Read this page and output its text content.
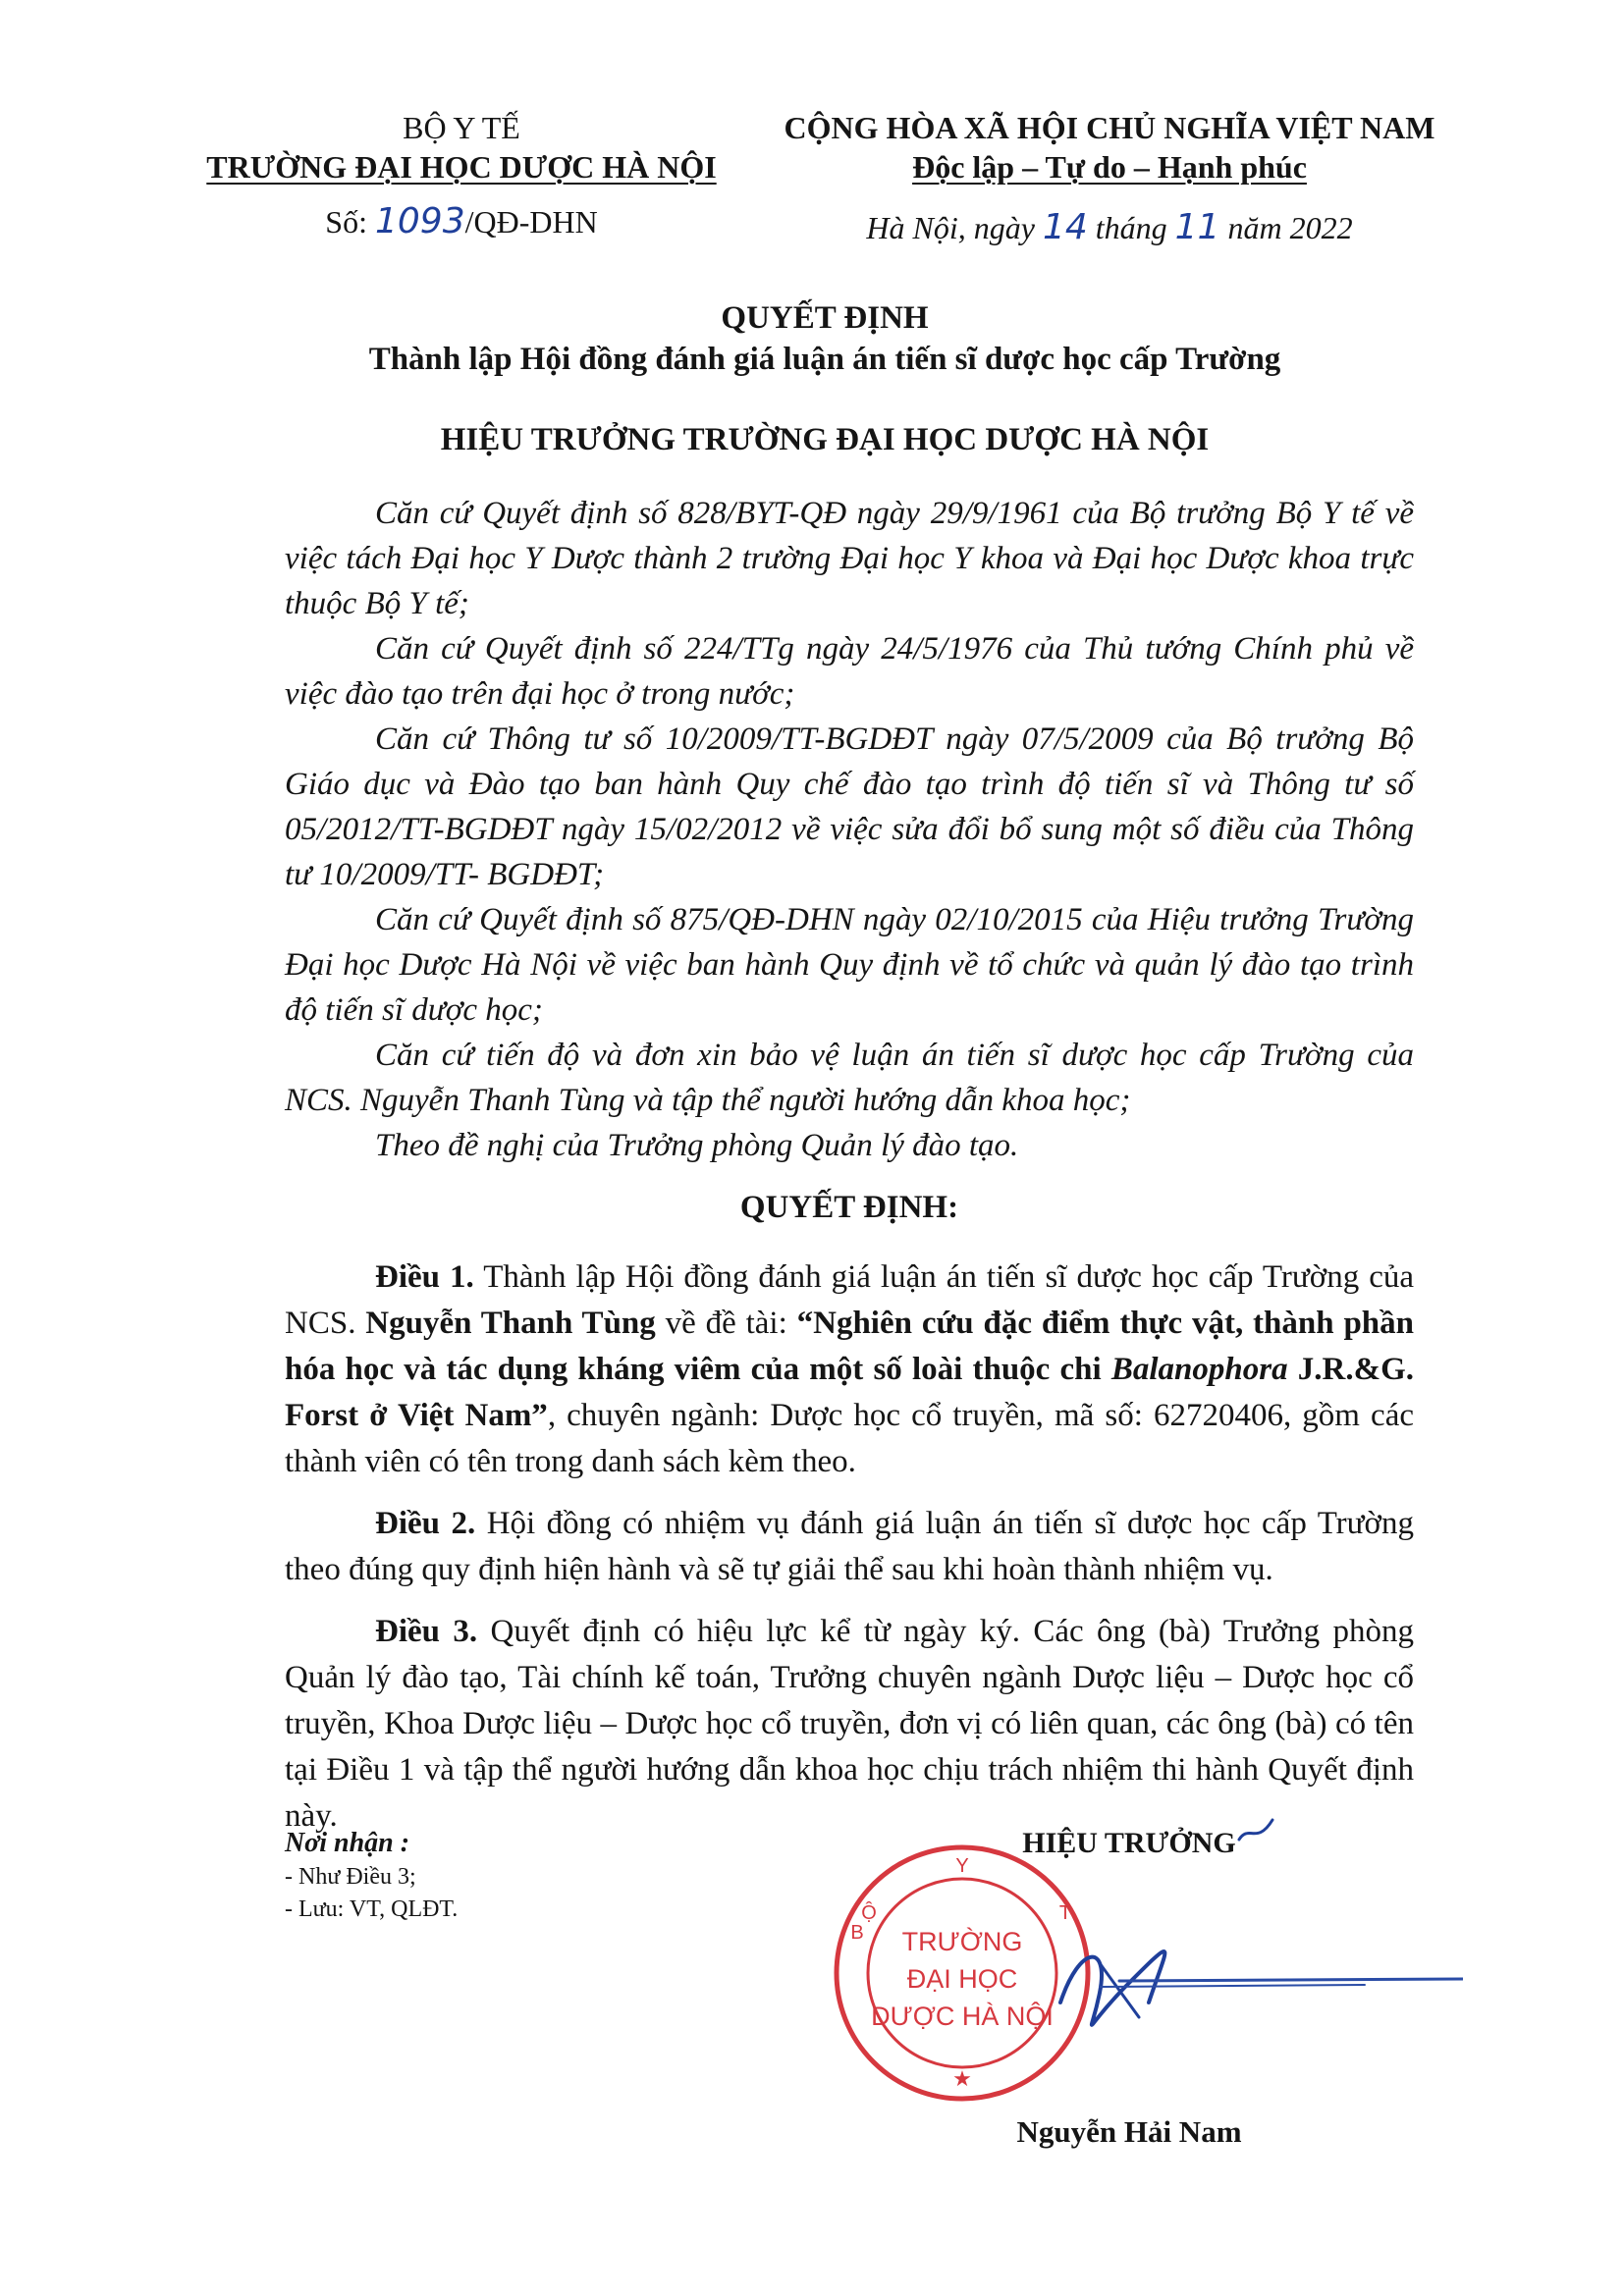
BỘ Y TẾ
TRƯỜNG ĐẠI HỌC DƯỢC HÀ NỘI
Số: 1093/QĐ-DHN
CỘNG HÒA XÃ HỘI CHỦ NGHĨA VIỆT NAM
Độc lập – Tự do – Hạnh phúc
Hà Nội, ngày 14 tháng 11 năm 2022
QUYẾT ĐỊNH
Thành lập Hội đồng đánh giá luận án tiến sĩ dược học cấp Trường
HIỆU TRƯỞNG TRƯỜNG ĐẠI HỌC DƯỢC HÀ NỘI

Căn cứ Quyết định số 828/BYT-QĐ ngày 29/9/1961 của Bộ trưởng Bộ Y tế về việc tách Đại học Y Dược thành 2 trường Đại học Y khoa và Đại học Dược khoa trực thuộc Bộ Y tế;

Căn cứ Quyết định số 224/TTg ngày 24/5/1976 của Thủ tướng Chính phủ về việc đào tạo trên đại học ở trong nước;

Căn cứ Thông tư số 10/2009/TT-BGDĐT ngày 07/5/2009 của Bộ trưởng Bộ Giáo dục và Đào tạo ban hành Quy chế đào tạo trình độ tiến sĩ và Thông tư số 05/2012/TT-BGDĐT ngày 15/02/2012 về việc sửa đổi bổ sung một số điều của Thông tư 10/2009/TT- BGDĐT;

Căn cứ Quyết định số 875/QĐ-DHN ngày 02/10/2015 của Hiệu trưởng Trường Đại học Dược Hà Nội về việc ban hành Quy định về tổ chức và quản lý đào tạo trình độ tiến sĩ dược học;

Căn cứ tiến độ và đơn xin bảo vệ luận án tiến sĩ dược học cấp Trường của NCS. Nguyễn Thanh Tùng và tập thể người hướng dẫn khoa học;

Theo đề nghị của Trưởng phòng Quản lý đào tạo.

QUYẾT ĐỊNH:

Điều 1. Thành lập Hội đồng đánh giá luận án tiến sĩ dược học cấp Trường của NCS. Nguyễn Thanh Tùng về đề tài: “Nghiên cứu đặc điểm thực vật, thành phần hóa học và tác dụng kháng viêm của một số loài thuộc chi Balanophora J.R.&G. Forst ở Việt Nam”, chuyên ngành: Dược học cổ truyền, mã số: 62720406, gồm các thành viên có tên trong danh sách kèm theo.

Điều 2. Hội đồng có nhiệm vụ đánh giá luận án tiến sĩ dược học cấp Trường theo đúng quy định hiện hành và sẽ tự giải thể sau khi hoàn thành nhiệm vụ.

Điều 3. Quyết định có hiệu lực kể từ ngày ký. Các ông (bà) Trưởng phòng Quản lý đào tạo, Tài chính kế toán, Trưởng chuyên ngành Dược liệu – Dược học cổ truyền, Khoa Dược liệu – Dược học cổ truyền, đơn vị có liên quan, các ông (bà) có tên tại Điều 1 và tập thể người hướng dẫn khoa học chịu trách nhiệm thi hành Quyết định này.

Nơi nhận :
- Như Điều 3;
- Lưu: VT, QLĐT.
HIỆU TRƯỞNG
Y
B
Ộ	T
★
TRƯỜNG
ĐẠI HỌC
DƯỢC HÀ NỘI
Nguyễn Hải Nam
